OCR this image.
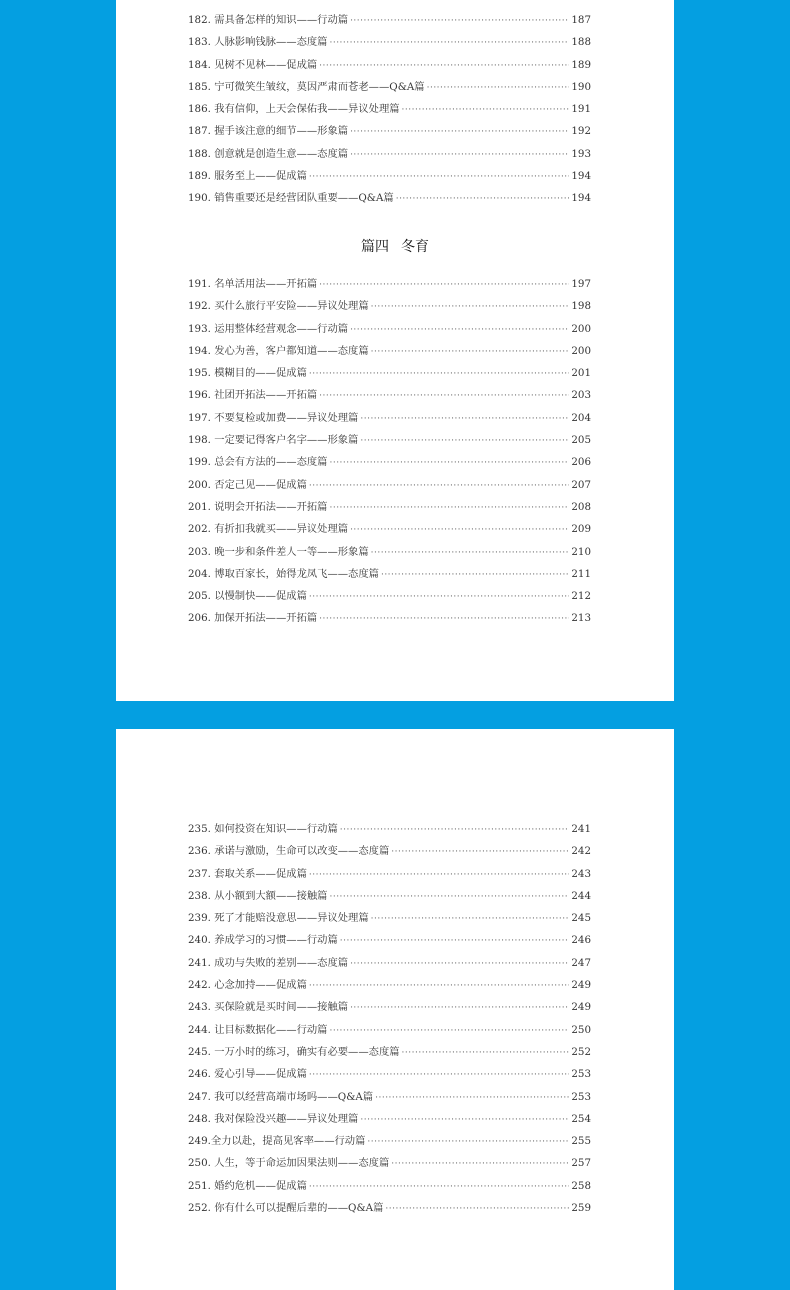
182. 需具备怎样的知识——行动篇 ·····	187
183. 人脉影响钱脉——态度篇 ·····	188
184. 见树不见林——促成篇 ·····	189
185. 宁可微笑生皱纹，莫因严肃而苍老——Q&A篇 ·····	190
186. 我有信仰，上天会保佑我——异议处理篇 ·····	191
187. 握手该注意的细节——形象篇 ·····	192
188. 创意就是创造生意——态度篇 ·····	193
189. 服务至上——促成篇 ·····	194
190. 销售重要还是经营团队重要——Q&A篇 ·····	194
篇四 冬育
191. 名单活用法——开拓篇 ·····	197
192. 买什么旅行平安险——异议处理篇 ·····	198
193. 运用整体经营观念——行动篇 ·····	200
194. 发心为善，客户都知道——态度篇 ·····	200
195. 模糊目的——促成篇 ·····	201
196. 社团开拓法——开拓篇 ·····	203
197. 不要复检或加费——异议处理篇 ·····	204
198. 一定要记得客户名字——形象篇 ·····	205
199. 总会有方法的——态度篇 ·····	206
200. 否定己见——促成篇 ·····	207
201. 说明会开拓法——开拓篇 ·····	208
202. 有折扣我就买——异议处理篇 ·····	209
203. 晚一步和条件差人一等——形象篇 ·····	210
204. 博取百家长，始得龙凤飞——态度篇 ·····	211
205. 以慢制快——促成篇 ·····	212
206. 加保开拓法——开拓篇 ·····	213
235. 如何投资在知识——行动篇 ·····	241
236. 承诺与激励，生命可以改变——态度篇 ·····	242
237. 套取关系——促成篇 ·····	243
238. 从小额到大额——接触篇 ·····	244
239. 死了才能赔没意思——异议处理篇 ·····	245
240. 养成学习的习惯——行动篇 ·····	246
241. 成功与失败的差别——态度篇 ·····	247
242. 心念加持——促成篇 ·····	249
243. 买保险就是买时间——接触篇 ·····	249
244. 让目标数据化——行动篇 ·····	250
245. 一万小时的练习，确实有必要——态度篇 ·····	252
246. 爱心引导——促成篇 ·····	253
247. 我可以经营高端市场吗——Q&A篇 ·····	253
248. 我对保险没兴趣——异议处理篇 ·····	254
249.全力以赴，提高见客率——行动篇 ·····	255
250. 人生，等于命运加因果法则——态度篇 ·····	257
251. 婚约危机——促成篇 ·····	258
252. 你有什么可以提醒后辈的——Q&A篇 ·····	259
